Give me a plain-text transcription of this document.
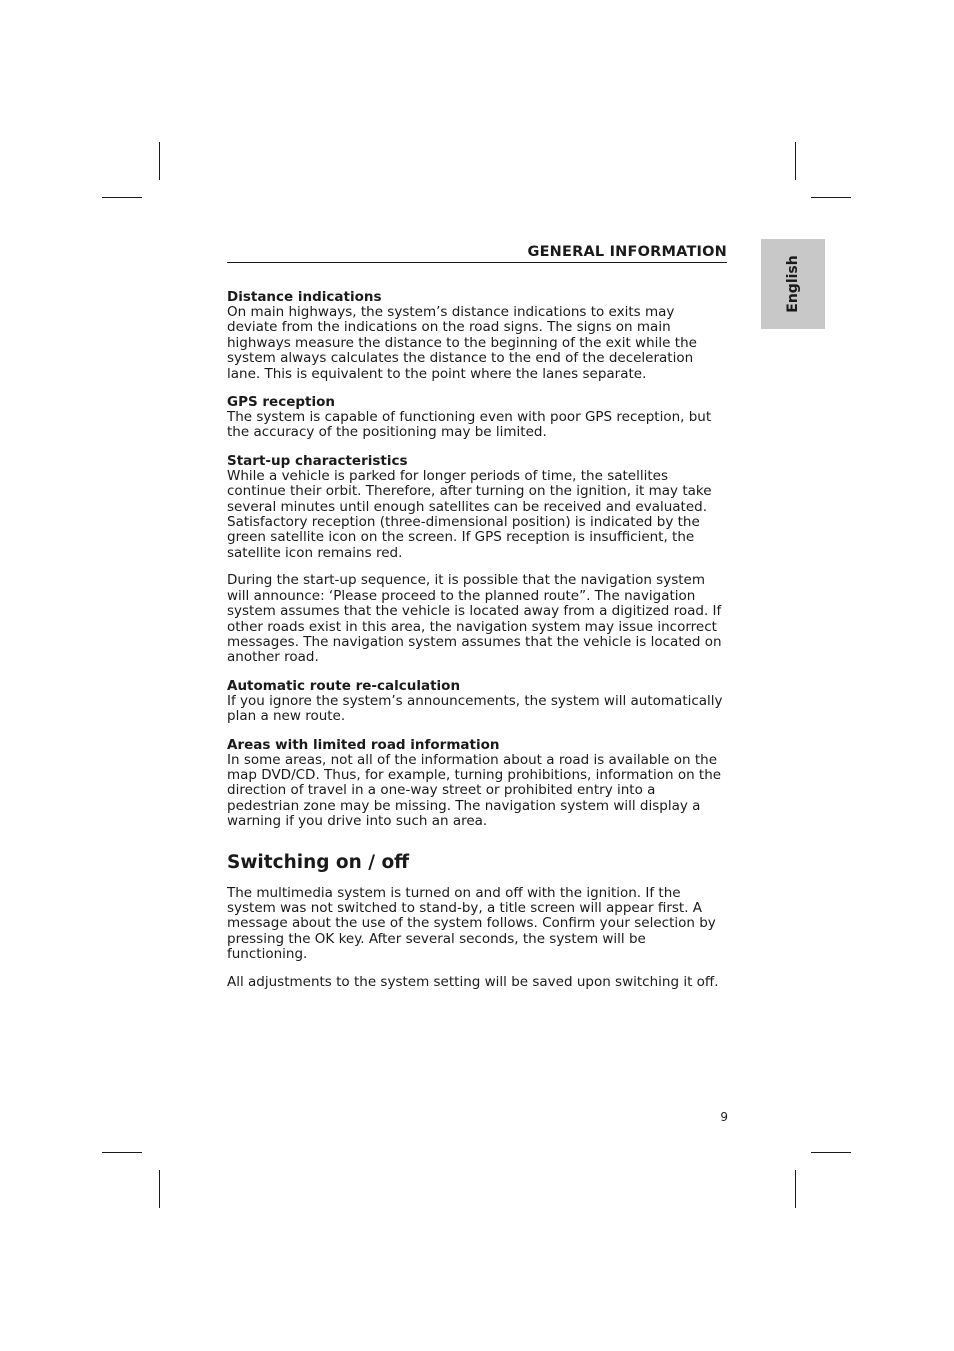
GENERAL INFORMATION
English
Distance indications

On main highways, the system’s distance indications to exits may deviate from the indications on the road signs. The signs on main highways measure the distance to the beginning of the exit while the system always calculates the distance to the end of the deceleration lane. This is equivalent to the point where the lanes separate.

GPS reception

The system is capable of functioning even with poor GPS reception, but the accuracy of the positioning may be limited.

Start-up characteristics

While a vehicle is parked for longer periods of time, the satellites continue their orbit. Therefore, after turning on the ignition, it may take several minutes until enough satellites can be received and evaluated. Satisfactory reception (three-dimensional position) is indicated by the green satellite icon on the screen. If GPS reception is insufficient, the satellite icon remains red.

During the start-up sequence, it is possible that the navigation system will announce: ‘Please proceed to the planned route”. The navigation system assumes that the vehicle is located away from a digitized road. If other roads exist in this area, the navigation system may issue incorrect messages. The navigation system assumes that the vehicle is located on another road.

Automatic route re-calculation

If you ignore the system’s announcements, the system will automatically plan a new route.

Areas with limited road information

In some areas, not all of the information about a road is available on the map DVD/CD. Thus, for example, turning prohibitions, information on the direction of travel in a one-way street or prohibited entry into a pedestrian zone may be missing. The navigation system will display a warning if you drive into such an area.

Switching on / off

The multimedia system is turned on and off with the ignition. If the system was not switched to stand-by, a title screen will appear first. A message about the use of the system follows. Confirm your selection by pressing the OK key. After several seconds, the system will be functioning.

All adjustments to the system setting will be saved upon switching it off.

9
